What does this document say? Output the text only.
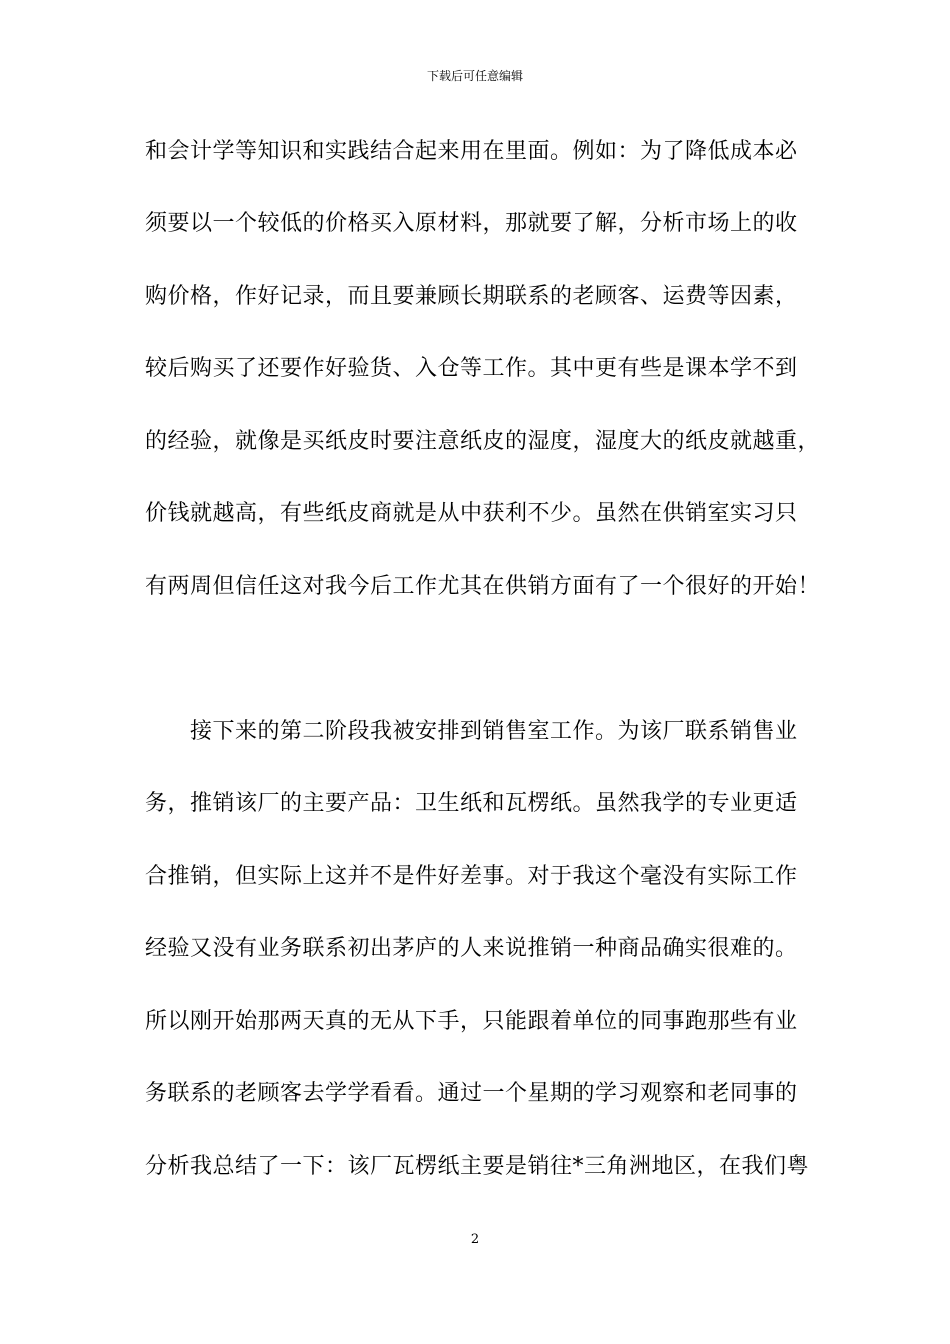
下载后可任意编辑
和会计学等知识和实践结合起来用在里面。例如：为了降低成本必
须要以一个较低的价格买入原材料，那就要了解，分析市场上的收
购价格，作好记录，而且要兼顾长期联系的老顾客、运费等因素，
较后购买了还要作好验货、入仓等工作。其中更有些是课本学不到
的经验，就像是买纸皮时要注意纸皮的湿度，湿度大的纸皮就越重，
价钱就越高，有些纸皮商就是从中获利不少。虽然在供销室实习只
有两周但信任这对我今后工作尤其在供销方面有了一个很好的开始！
　　接下来的第二阶段我被安排到销售室工作。为该厂联系销售业
务，推销该厂的主要产品：卫生纸和瓦楞纸。虽然我学的专业更适
合推销，但实际上这并不是件好差事。对于我这个毫没有实际工作
经验又没有业务联系初出茅庐的人来说推销一种商品确实很难的。
所以刚开始那两天真的无从下手，只能跟着单位的同事跑那些有业
务联系的老顾客去学学看看。通过一个星期的学习观察和老同事的
分析我总结了一下：该厂瓦楞纸主要是销往*三角洲地区，在我们粤
2
